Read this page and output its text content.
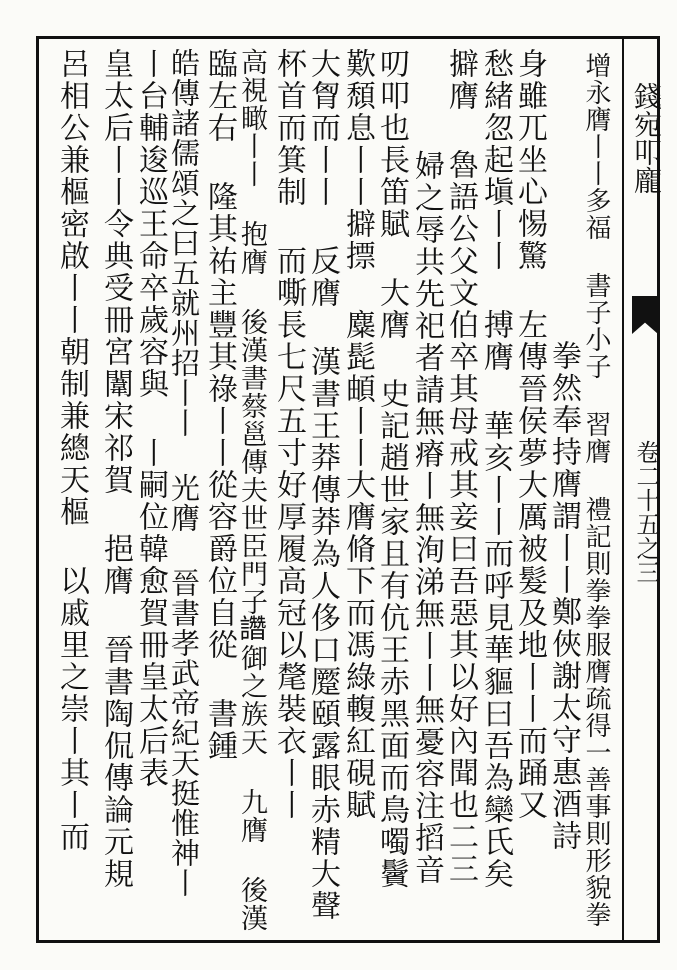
錢宛叩龐
卷二十五之三
增永膺丨丨多福 書子小子 習膺 禮記則拳拳服膺疏得一善事則形貌拳
拳然奉持膺謂丨丨鄭俠謝太守惠酒詩
身雖兀坐心惕驚 左傳晉侯夢大厲被髮及地丨丨而踊又
愁緒忽起塡丨丨 搏膺 華亥丨丨而呼見華貙曰吾為欒氏矣
擗膺 魯語公父文伯卒其母戒其妾曰吾惡其以好內聞也二三
婦之辱共先祀者請無瘠丨無洵涕無丨丨無憂容注搯音
叨叩也長笛賦 大膺 史記趙世家且有伉王赤黑面而鳥噣鬢
歎頹息丨丨擗摽 麋髭頔丨丨大膺脩下而馮綠輹紅硯賦
大胷而丨丨 反膺 漢書王莽傳莽為人侈口蹷頤露眼赤精大聲
杯首而箕制 而嘶長七尺五寸好厚履高冠以氂裝衣丨丨
高視瞰丨丨 抱膺 後漢書蔡邕傳夫世臣門子𧮂御之族天 九膺 後漢
臨左右 隆其祐主豐其祿丨丨從容爵位自從 書鍾
皓傳諸儒頌之曰五就州招丨丨 光膺 晉書孝武帝紀天挺惟神丨
丨台輔逡巡王命卒歲容與 丨嗣位韓愈賀冊皇太后表
皇太后丨丨令典受冊宮闈宋祁賀 挹膺 晉書陶侃傳論元規
呂相公兼樞密啟丨丨朝制兼總天樞 以戚里之崇丨其丨而
